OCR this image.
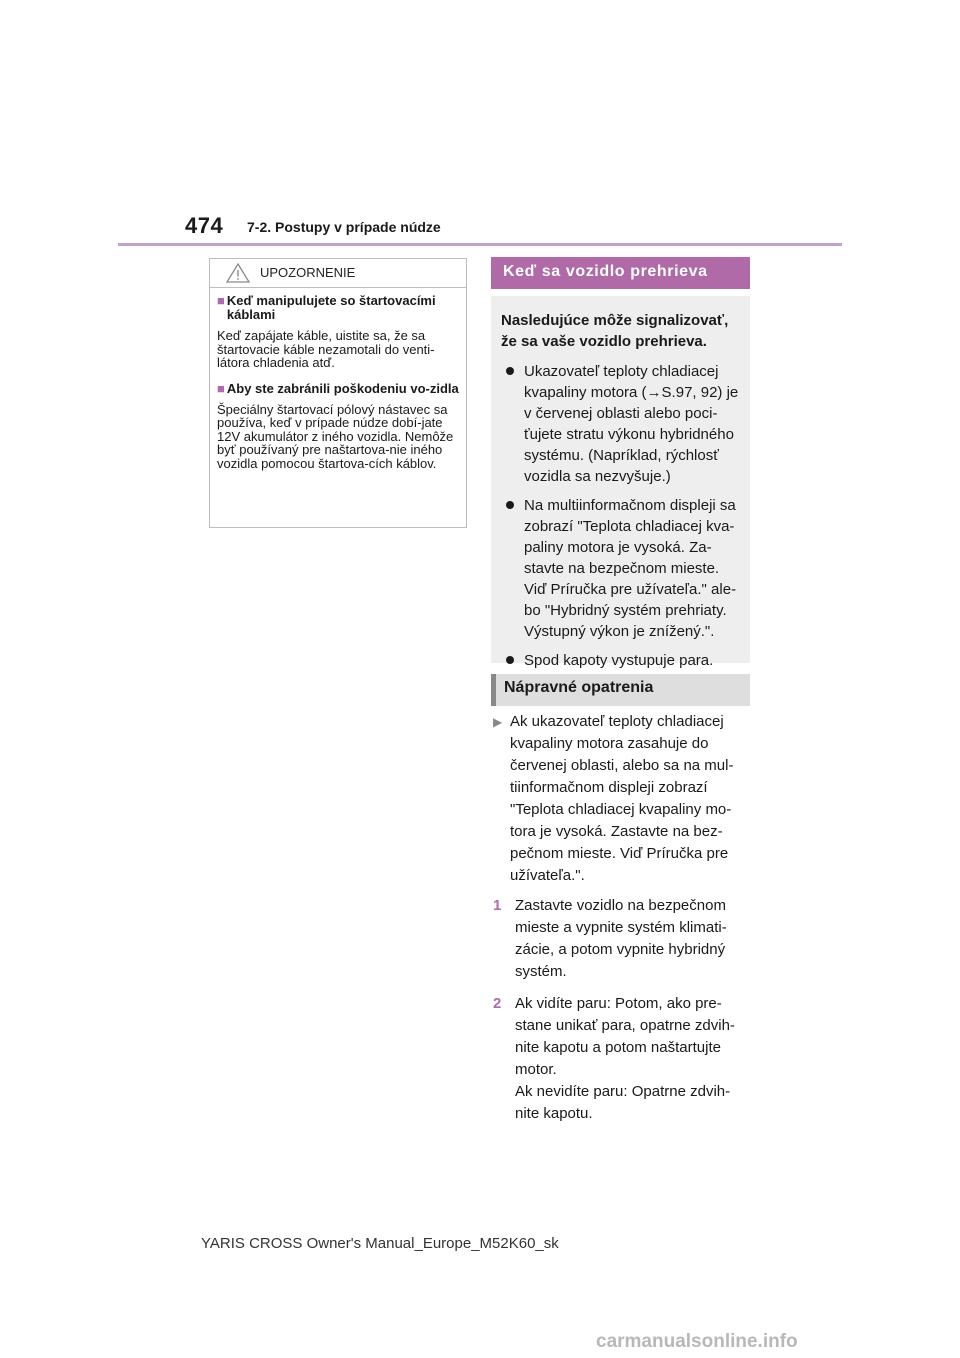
474 7-2. Postupy v prípade núdze
UPOZORNENIE
■ Keď manipulujete so štartovacími káblami
Keď zapájate káble, uistite sa, že sa štartovacie káble nezamotali do venti-látora chladenia atď.
■ Aby ste zabránili poškodeniu vo-zidla
Špeciálny štartovací pólový nástavec sa používa, keď v prípade núdze dobí-jate 12V akumulátor z iného vozidla. Nemôže byť používaný pre naštartova-nie iného vozidla pomocou štartova-cích káblov.
Keď sa vozidlo prehrieva
Nasledujúce môže signalizovať, že sa vaše vozidlo prehrieva.
Ukazovateľ teploty chladiacej kvapaliny motora (→S.97, 92) je v červenej oblasti alebo poci-ťujete stratu výkonu hybridného systému. (Napríklad, rýchlosť vozidla sa nezvyšuje.)
Na multiinformačnom displeji sa zobrazí "Teplota chladiacej kva-paliny motora je vysoká. Za-stavte na bezpečnom mieste. Viď Príručka pre užívateľa." ale-bo "Hybridný systém prehriaty. Výstupný výkon je znížený.".
Spod kapoty vystupuje para.
Nápravné opatrenia
▶ Ak ukazovateľ teploty chladiacej kvapaliny motora zasahuje do červenej oblasti, alebo sa na mul-tiinformačnom displeji zobrazí "Teplota chladiacej kvapaliny mo-tora je vysoká. Zastavte na bez-pečnom mieste. Viď Príručka pre užívateľa.".
1 Zastavte vozidlo na bezpečnom mieste a vypnite systém klimati-zácie, a potom vypnite hybridný systém.
2 Ak vidíte paru: Potom, ako pre-stane unikať para, opatrne zdvih-nite kapotu a potom naštartujte motor.
Ak nevidíte paru: Opatrne zdvih-nite kapotu.
YARIS CROSS Owner's Manual_Europe_M52K60_sk
carmanualsonline.info
